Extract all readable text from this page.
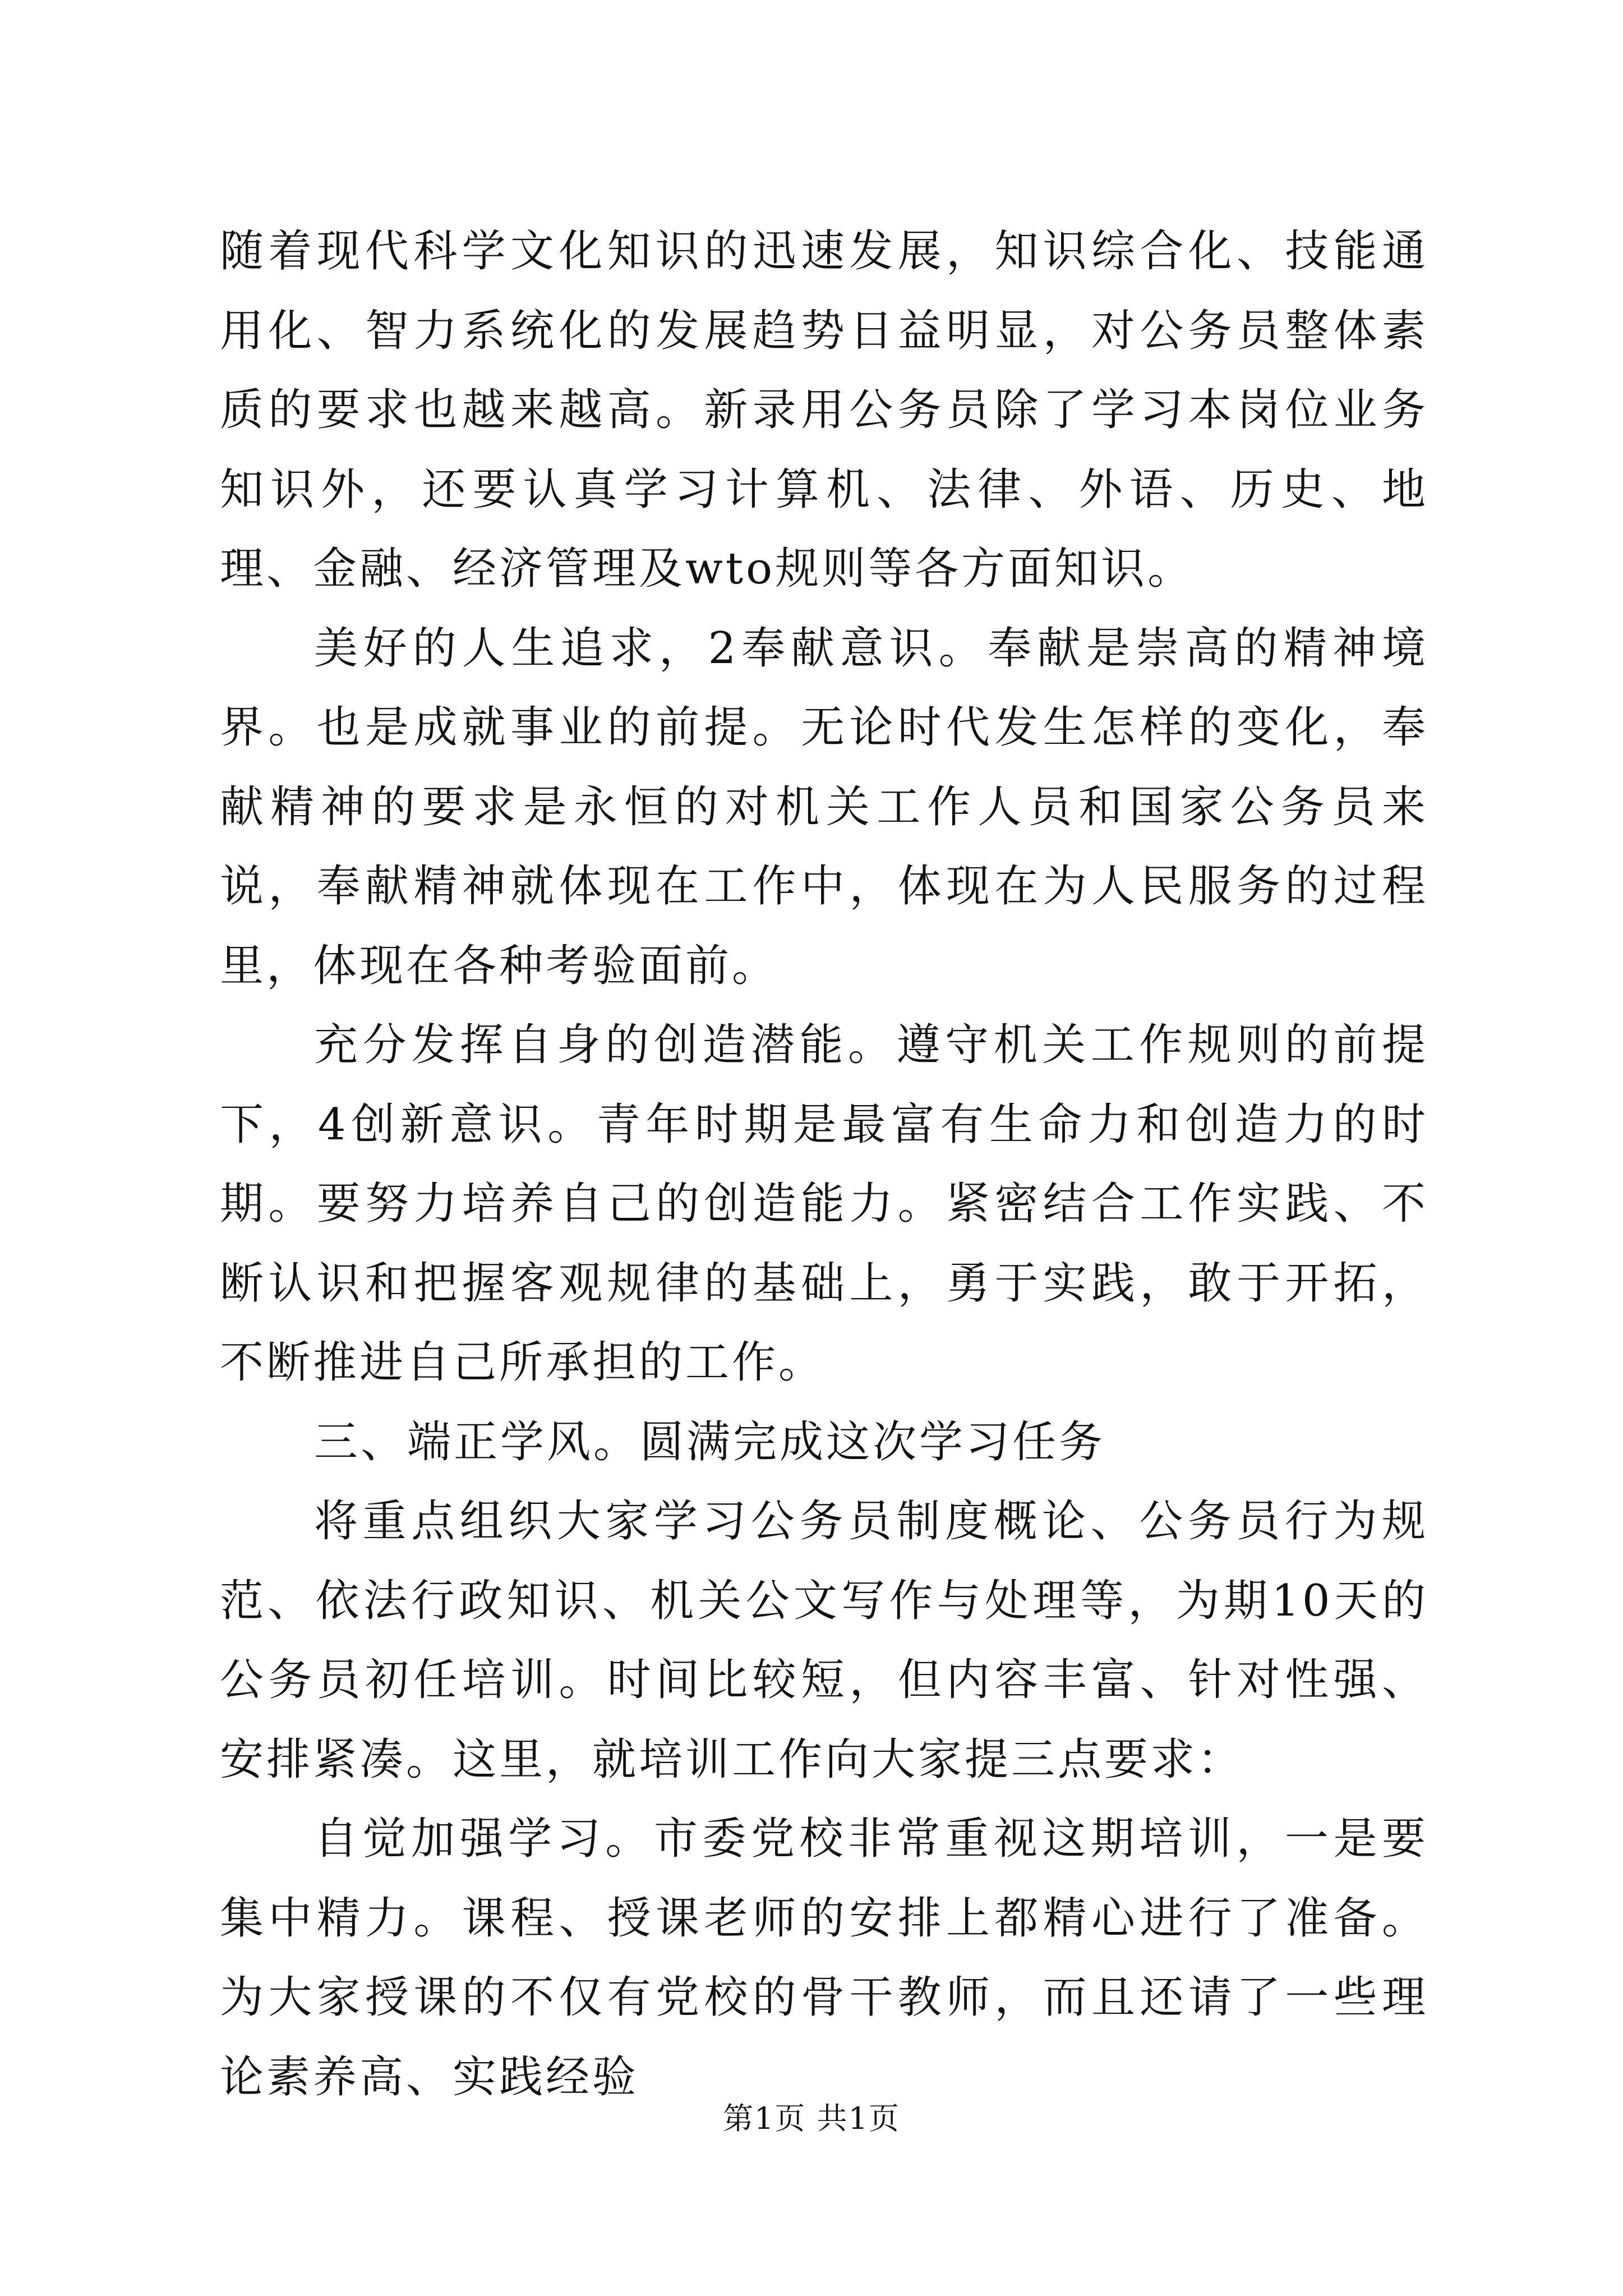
随着现代科学文化知识的迅速发展，知识综合化、技能通用化、智力系统化的发展趋势日益明显，对公务员整体素质的要求也越来越高。新录用公务员除了学习本岗位业务知识外，还要认真学习计算机、法律、外语、历史、地理、金融、经济管理及wto规则等各方面知识。

美好的人生追求，2奉献意识。奉献是崇高的精神境界。也是成就事业的前提。无论时代发生怎样的变化，奉献精神的要求是永恒的对机关工作人员和国家公务员来说，奉献精神就体现在工作中，体现在为人民服务的过程里，体现在各种考验面前。

充分发挥自身的创造潜能。遵守机关工作规则的前提下，4创新意识。青年时期是最富有生命力和创造力的时期。要努力培养自己的创造能力。紧密结合工作实践、不断认识和把握客观规律的基础上，勇于实践，敢于开拓，不断推进自己所承担的工作。

三、端正学风。圆满完成这次学习任务

将重点组织大家学习公务员制度概论、公务员行为规范、依法行政知识、机关公文写作与处理等，为期10天的公务员初任培训。时间比较短，但内容丰富、针对性强、安排紧凑。这里，就培训工作向大家提三点要求：

自觉加强学习。市委党校非常重视这期培训，一是要集中精力。课程、授课老师的安排上都精心进行了准备。为大家授课的不仅有党校的骨干教师，而且还请了一些理论素养高、实践经验

第1页 共1页
